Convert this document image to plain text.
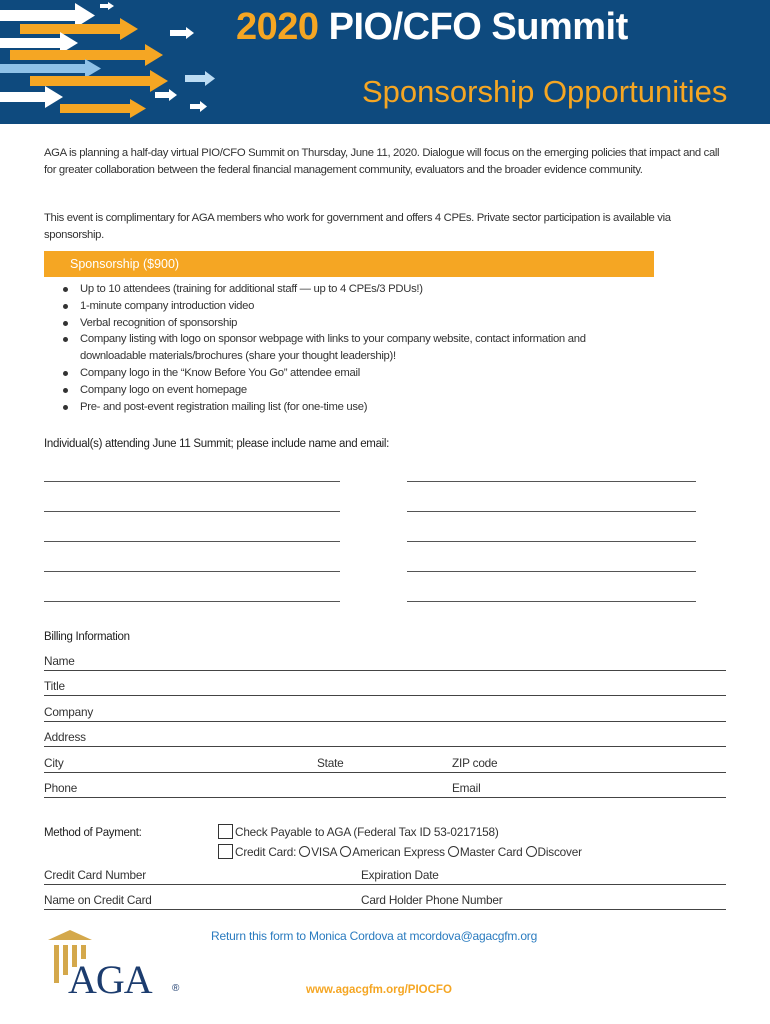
2020 PIO/CFO Summit
Sponsorship Opportunities

AGA is planning a half-day virtual PIO/CFO Summit on Thursday, June 11, 2020. Dialogue will focus on the emerging policies that impact and call for greater collaboration between the federal financial management community, evaluators and the broader evidence community.

This event is complimentary for AGA members who work for government and offers 4 CPEs. Private sector participation is available via sponsorship.

Sponsorship ($900)
Up to 10 attendees (training for additional staff — up to 4 CPEs/3 PDUs!)
1-minute company introduction video
Verbal recognition of sponsorship
Company listing with logo on sponsor webpage with links to your company website, contact information and downloadable materials/brochures (share your thought leadership)!
Company logo in the “Know Before You Go” attendee email
Company logo on event homepage
Pre- and post-event registration mailing list (for one-time use)
Individual(s) attending June 11 Summit; please include name and email:
Billing Information
Name
Title
Company
Address
City	State	ZIP code
Phone	Email
Method of Payment:	Check Payable to AGA (Federal Tax ID 53-0217158)
Credit Card: VISA American Express Master Card Discover
Credit Card Number	Expiration Date
Name on Credit Card	Card Holder Phone Number
AGA ®
Return this form to Monica Cordova at mcordova@agacgfm.org
www.agacgfm.org/PIOCFO
